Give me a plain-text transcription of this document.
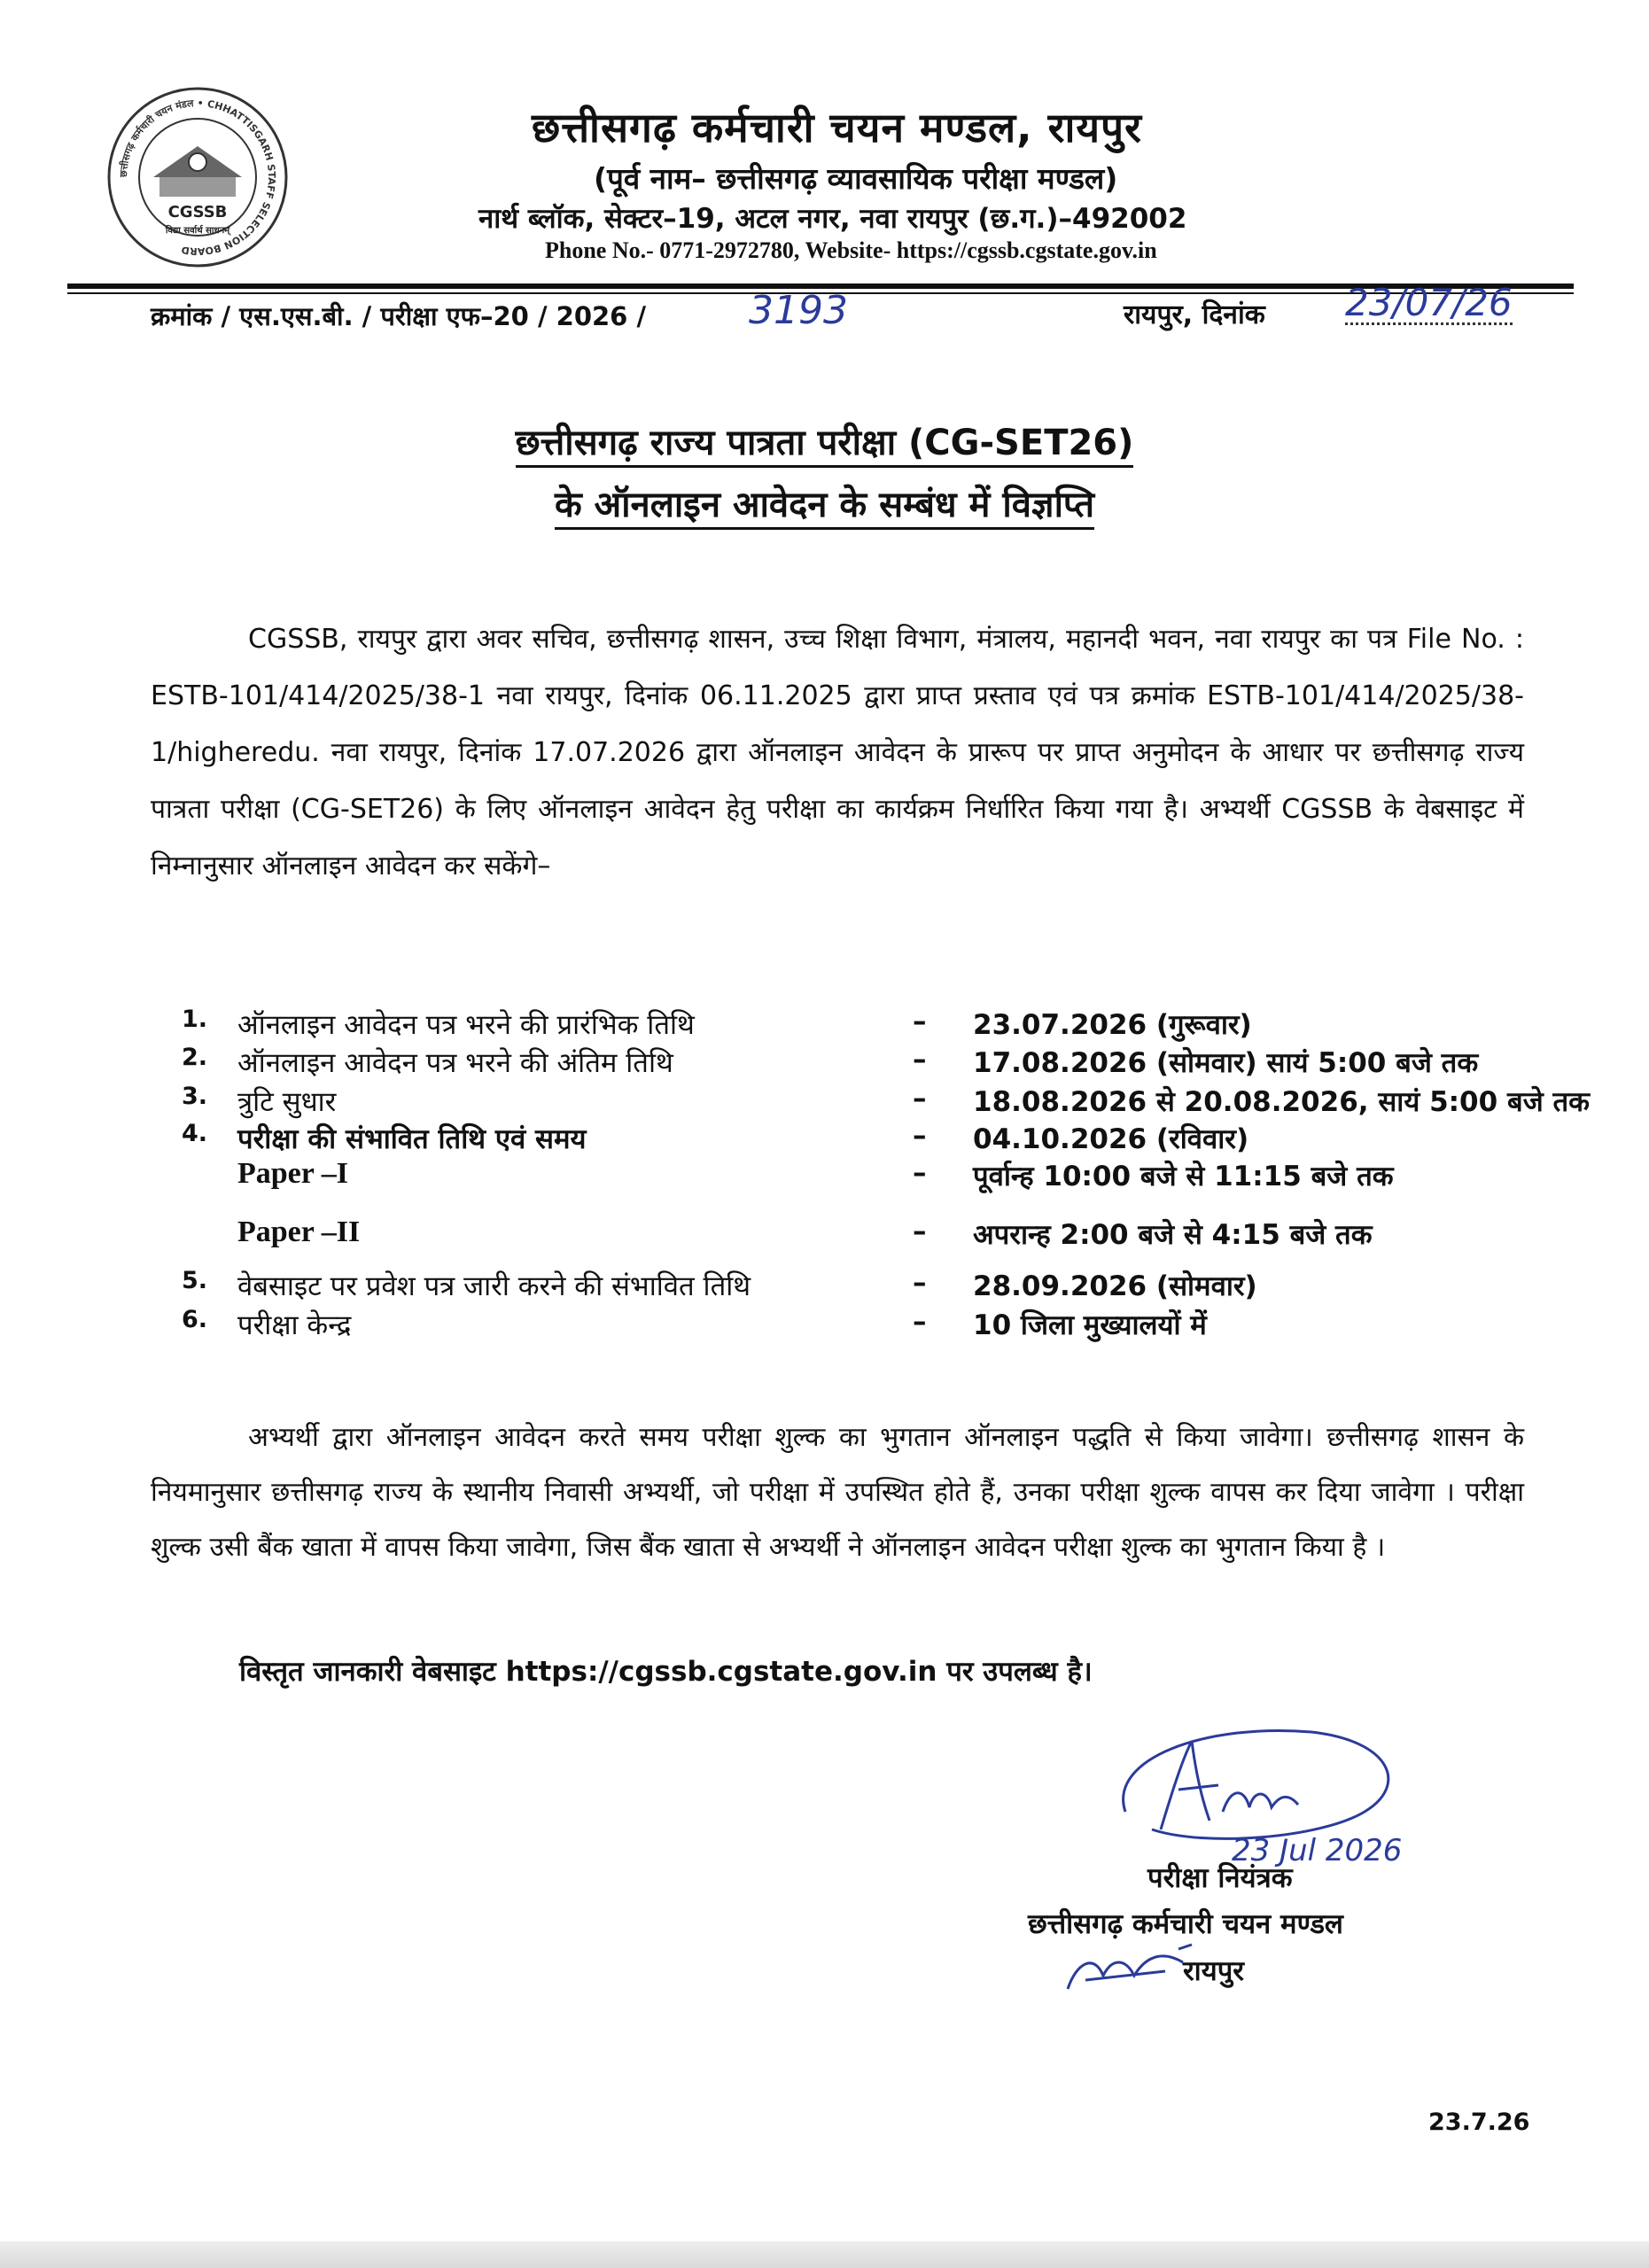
छत्तीसगढ़ कर्मचारी चयन मंडल • CHHATTISGARH STAFF SELECTION BOARD
CGSSB
विद्या सर्वार्थ साधनम्
छत्तीसगढ़ कर्मचारी चयन मण्डल, रायपुर
(पूर्व नाम– छत्तीसगढ़ व्यावसायिक परीक्षा मण्डल)
नार्थ ब्लॉक, सेक्टर–19, अटल नगर, नवा रायपुर (छ.ग.)–492002
Phone No.- 0771-2972780, Website- https://cgssb.cgstate.gov.in
क्रमांक / एस.एस.बी. / परीक्षा एफ–20 / 2026 /	3193	रायपुर, दिनांक 23/07/26
छत्तीसगढ़ राज्य पात्रता परीक्षा (CG-SET26)
के ऑनलाइन आवेदन के सम्बंध में विज्ञप्ति
CGSSB, रायपुर द्वारा अवर सचिव, छत्तीसगढ़ शासन, उच्च शिक्षा विभाग, मंत्रालय, महानदी भवन, नवा रायपुर का पत्र File No. : ESTB-101/414/2025/38-1 नवा रायपुर, दिनांक 06.11.2025 द्वारा प्राप्त प्रस्ताव एवं पत्र क्रमांक ESTB-101/414/2025/38-1/higheredu. नवा रायपुर, दिनांक 17.07.2026 द्वारा ऑनलाइन आवेदन के प्रारूप पर प्राप्त अनुमोदन के आधार पर छत्तीसगढ़ राज्य पात्रता परीक्षा (CG-SET26) के लिए ऑनलाइन आवेदन हेतु परीक्षा का कार्यक्रम निर्धारित किया गया है। अभ्यर्थी CGSSB के वेबसाइट में निम्नानुसार ऑनलाइन आवेदन कर सकेंगे–
1. ऑनलाइन आवेदन पत्र भरने की प्रारंभिक तिथि	– 23.07.2026 (गुरूवार)
2. ऑनलाइन आवेदन पत्र भरने की अंतिम तिथि	– 17.08.2026 (सोमवार) सायं 5:00 बजे तक
3. त्रुटि सुधार	– 18.08.2026 से 20.08.2026, सायं 5:00 बजे तक
4. परीक्षा की संभावित तिथि एवं समय	– 04.10.2026 (रविवार)
Paper –I	– पूर्वान्ह 10:00 बजे से 11:15 बजे तक
Paper –II	– अपरान्ह 2:00 बजे से 4:15 बजे तक
5. वेबसाइट पर प्रवेश पत्र जारी करने की संभावित तिथि	– 28.09.2026 (सोमवार)
6. परीक्षा केन्द्र	– 10 जिला मुख्यालयों में
अभ्यर्थी द्वारा ऑनलाइन आवेदन करते समय परीक्षा शुल्क का भुगतान ऑनलाइन पद्धति से किया जावेगा। छत्तीसगढ़ शासन के नियमानुसार छत्तीसगढ़ राज्य के स्थानीय निवासी अभ्यर्थी, जो परीक्षा में उपस्थित होते हैं, उनका परीक्षा शुल्क वापस कर दिया जावेगा । परीक्षा शुल्क उसी बैंक खाता में वापस किया जावेगा, जिस बैंक खाता से अभ्यर्थी ने ऑनलाइन आवेदन परीक्षा शुल्क का भुगतान किया है ।
विस्तृत जानकारी वेबसाइट https://cgssb.cgstate.gov.in पर उपलब्ध है।
23 Jul 2026
परीक्षा नियंत्रक
छत्तीसगढ़ कर्मचारी चयन मण्डल
रायपुर
23.7.26
